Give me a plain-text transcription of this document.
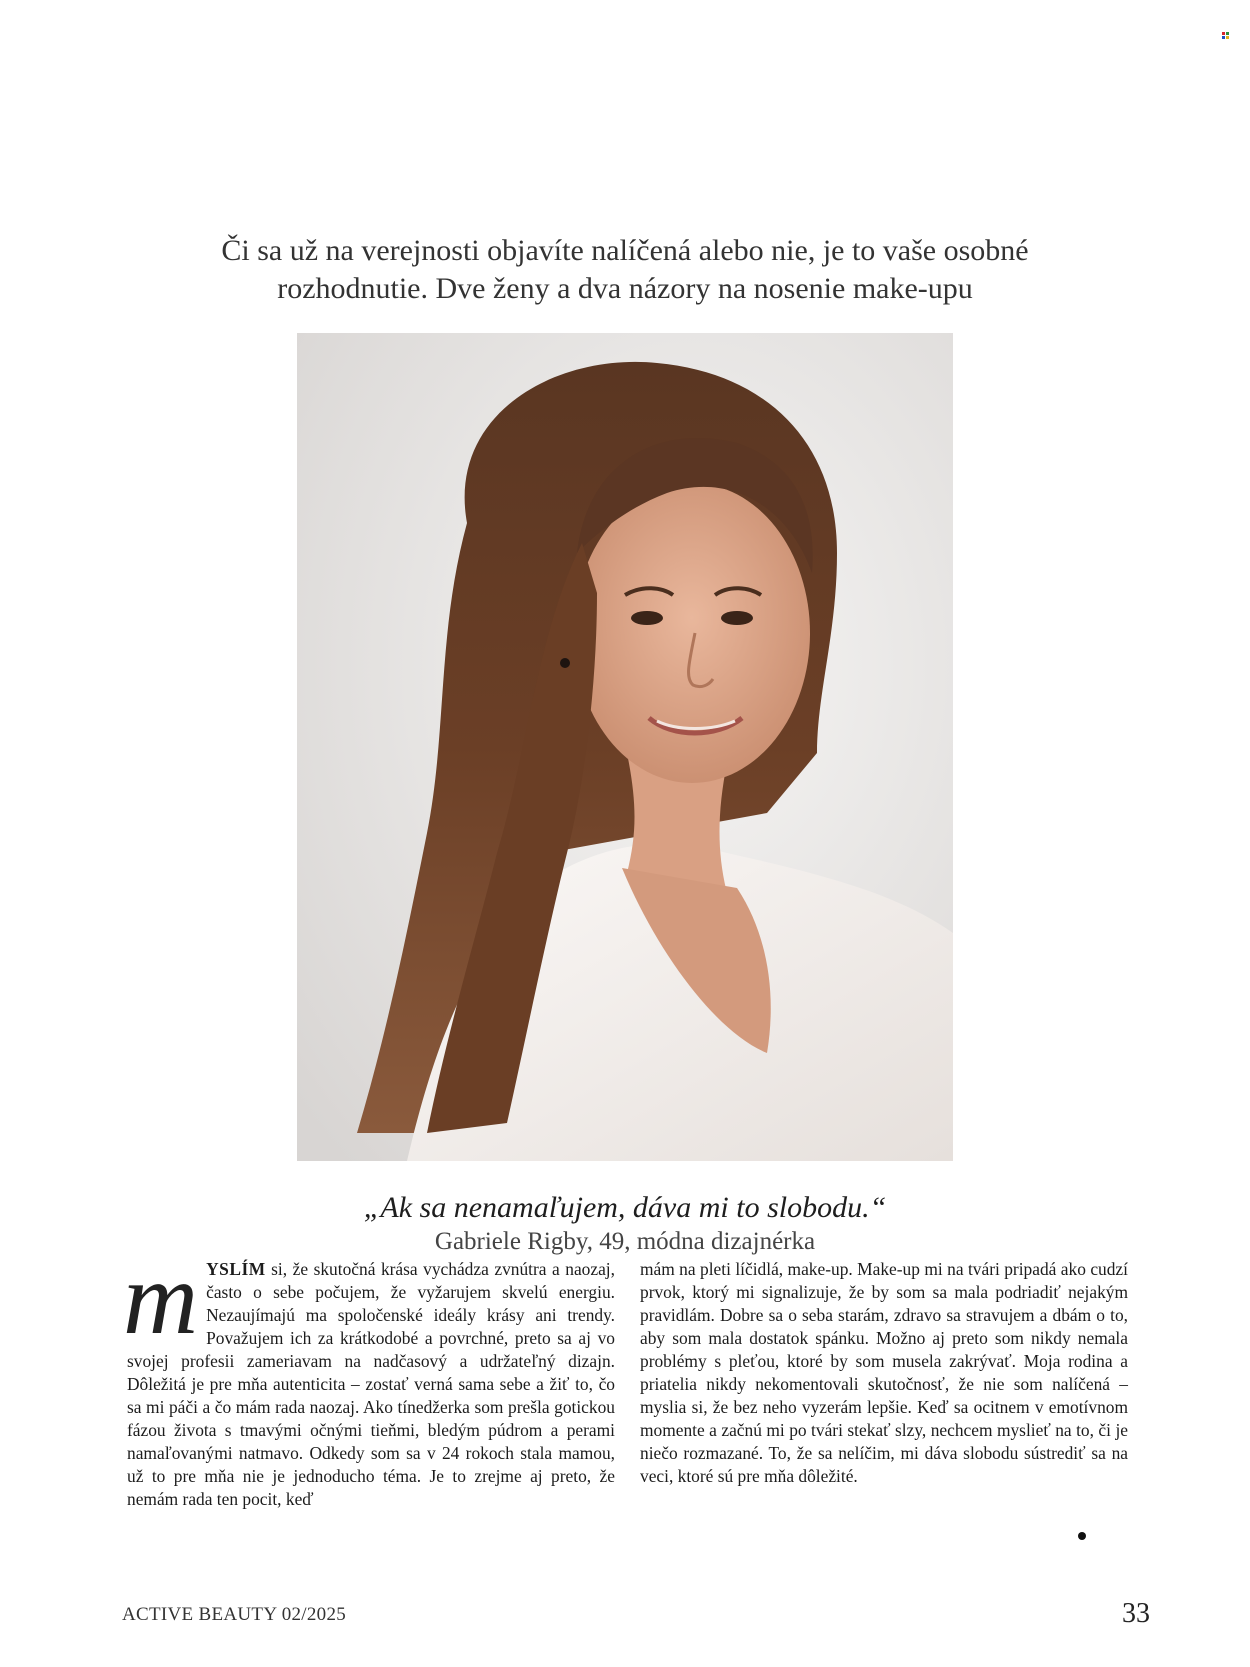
Či sa už na verejnosti objavíte nalíčená alebo nie, je to vaše osobné
rozhodnutie. Dve ženy a dva názory na nosenie make-upu
„Ak sa nenamaľujem, dáva mi to slobodu.“
Gabriele Rigby, 49, módna dizajnérka
m YSLÍM si, že skutočná krása vychádza zvnútra a naozaj, často o sebe počujem, že vyžarujem skvelú energiu. Nezaujímajú ma spoločenské ideály krásy ani trendy. Považujem ich za krátkodobé a povrchné, preto sa aj vo svojej profesii zameriavam na nadčasový a udržateľný dizajn. Dôležitá je pre mňa autenticita – zostať verná sama sebe a žiť to, čo sa mi páči a čo mám rada naozaj. Ako tínedžerka som prešla gotickou fázou života s tmavými očnými tieňmi, bledým púdrom a perami namaľovanými natmavo. Odkedy som sa v 24 rokoch stala mamou, už to pre mňa nie je jednoducho téma. Je to zrejme aj preto, že nemám rada ten pocit, keď
mám na pleti líčidlá, make-up. Make-up mi na tvári pripadá ako cudzí prvok, ktorý mi signalizuje, že by som sa mala podriadiť nejakým pravidlám. Dobre sa o seba starám, zdravo sa stravujem a dbám o to, aby som mala dostatok spánku. Možno aj preto som nikdy nemala problémy s pleťou, ktoré by som musela zakrývať. Moja rodina a priatelia nikdy nekomentovali skutočnosť, že nie som nalíčená – myslia si, že bez neho vyzerám lepšie. Keď sa ocitnem v emotívnom momente a začnú mi po tvári stekať slzy, nechcem myslieť na to, či je niečo rozmazané. To, že sa nelíčim, mi dáva slobodu sústrediť sa na veci, ktoré sú pre mňa dôležité.
ACTIVE BEAUTY 02/2025	33
